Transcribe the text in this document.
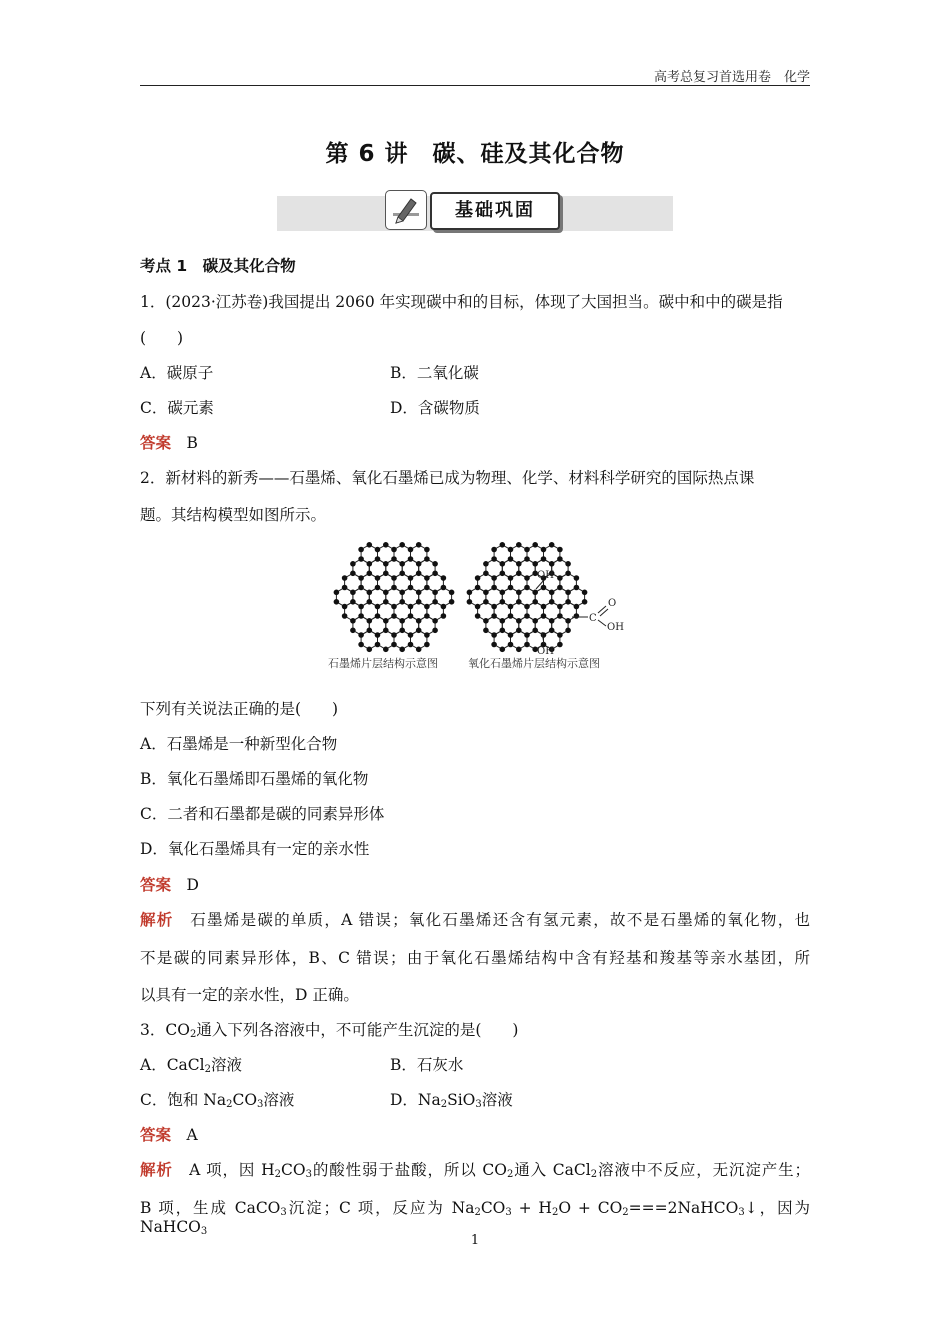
高考总复习首选用卷　化学
第 6 讲　碳、硅及其化合物
基础巩固
考点 1　碳及其化合物
1．(2023·江苏卷)我国提出 2060 年实现碳中和的目标，体现了大国担当。碳中和中的碳是指
(　　)
A．碳原子	B．二氧化碳
C．碳元素	D．含碳物质
答案　 B
2．新材料的新秀——石墨烯、氧化石墨烯已成为物理、化学、材料科学研究的国际热点课
题。其结构模型如图所示。
OH
O
C
OH
OH
石墨烯片层结构示意图	氧化石墨烯片层结构示意图
下列有关说法正确的是(　　)
A．石墨烯是一种新型化合物
B．氧化石墨烯即石墨烯的氧化物
C．二者和石墨都是碳的同素异形体
D．氧化石墨烯具有一定的亲水性
答案　 D
解析　 石墨烯是碳的单质，A 错误；氧化石墨烯还含有氢元素，故不是石墨烯的氧化物，也
不是碳的同素异形体，B、C 错误；由于氧化石墨烯结构中含有羟基和羧基等亲水基团，所
以具有一定的亲水性，D 正确。
3．$CO_2$通入下列各溶液中，不可能产生沉淀的是(　　)
A．CaCl$_2$溶液	B．石灰水
C．饱和 $Na_2CO_3$溶液	D．$Na_2SiO_3$溶液
答案　 A
解析　 A 项，因 $H_2CO_3$的酸性弱于盐酸，所以 $CO_2$通入 CaCl$_2$溶液中不反应，无沉淀产生；
B 项，生成 CaCO$_3$沉淀；C 项，反应为 $Na_2CO_3 + H_2O$ + $CO_2===2NaHCO_3↓$，因为 NaHCO$_3$
1
